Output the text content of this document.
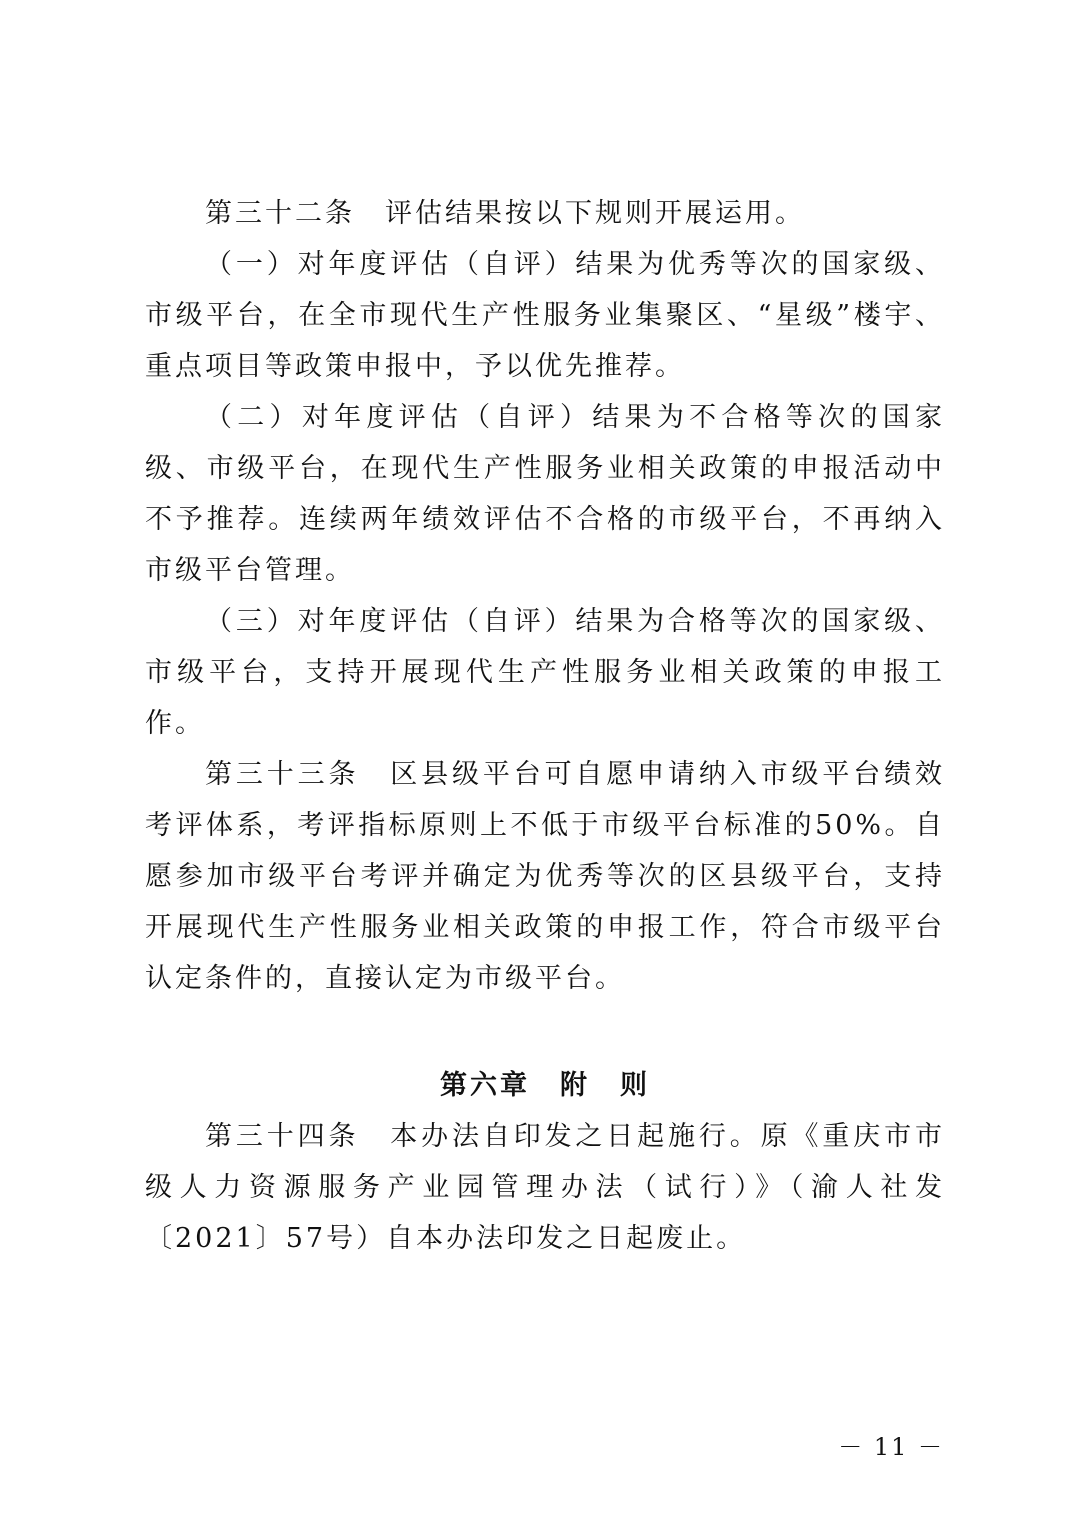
第三十二条　评估结果按以下规则开展运用。

（一）对年度评估（自评）结果为优秀等次的国家级、市级平台，在全市现代生产性服务业集聚区、“星级”楼宇、重点项目等政策申报中，予以优先推荐。

（二）对年度评估（自评）结果为不合格等次的国家级、市级平台，在现代生产性服务业相关政策的申报活动中不予推荐。连续两年绩效评估不合格的市级平台，不再纳入市级平台管理。

（三）对年度评估（自评）结果为合格等次的国家级、市级平台，支持开展现代生产性服务业相关政策的申报工作。

第三十三条　区县级平台可自愿申请纳入市级平台绩效考评体系，考评指标原则上不低于市级平台标准的50%。自愿参加市级平台考评并确定为优秀等次的区县级平台，支持开展现代生产性服务业相关政策的申报工作，符合市级平台认定条件的，直接认定为市级平台。

第六章　附　则

第三十四条　本办法自印发之日起施行。原《重庆市市级人力资源服务产业园管理办法（试行）》（渝人社发〔2021〕57号）自本办法印发之日起废止。

－ 11 －
